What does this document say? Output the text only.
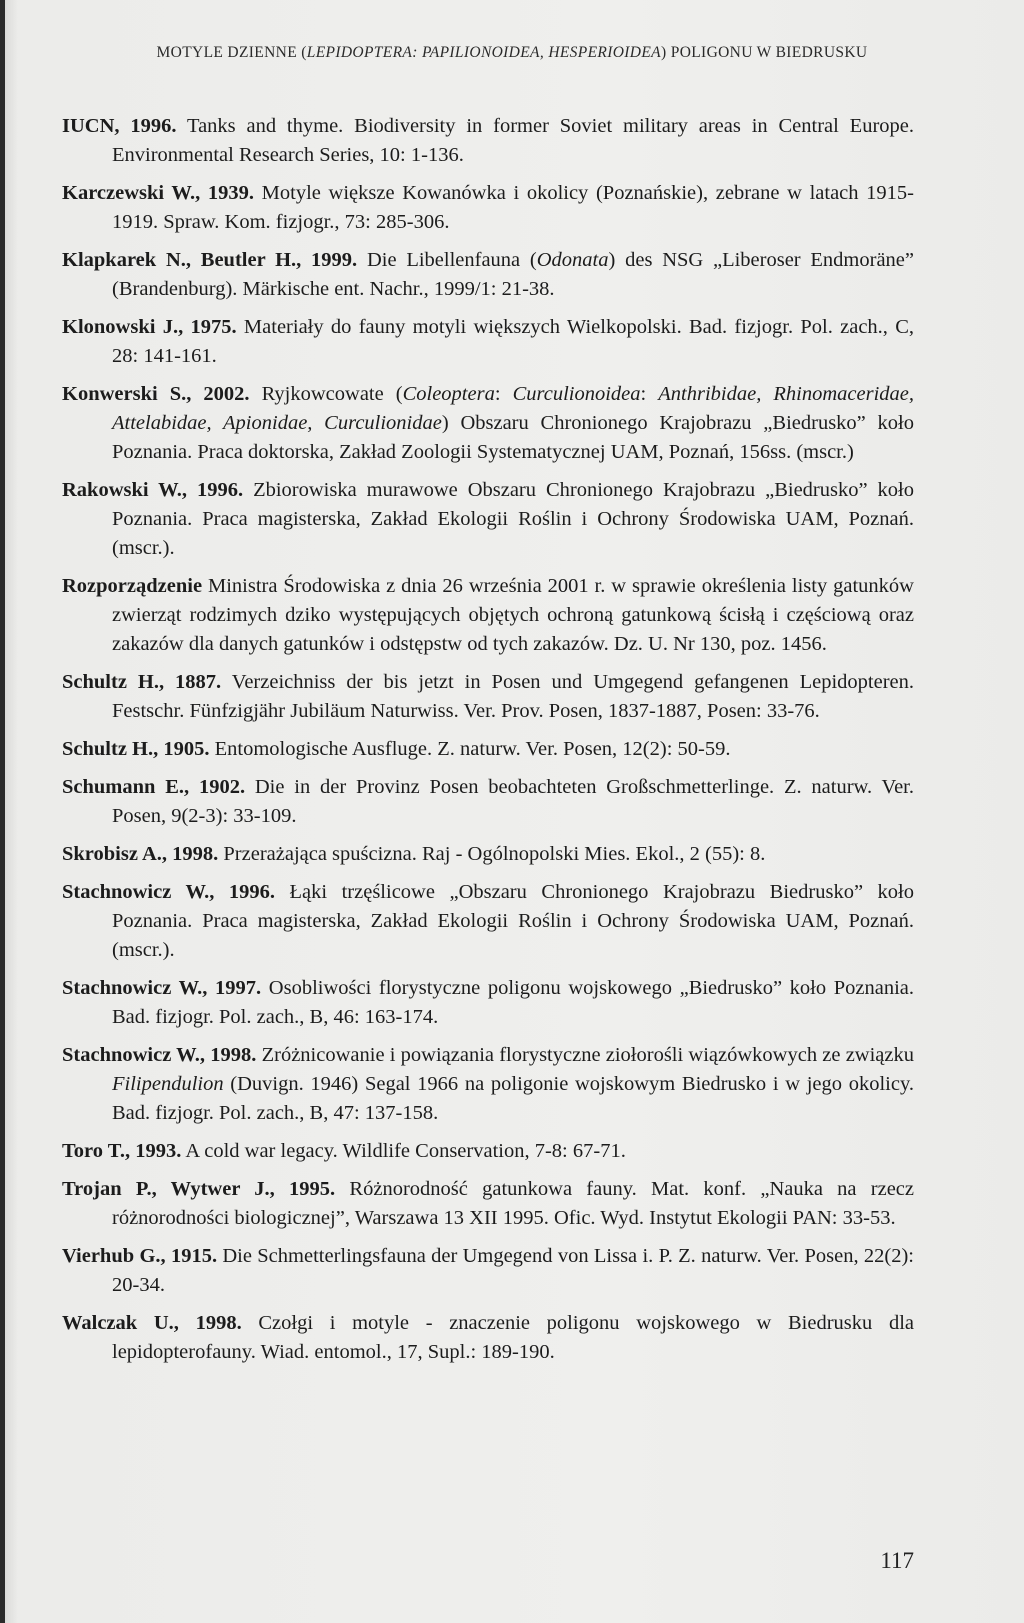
MOTYLE DZIENNE (LEPIDOPTERA: PAPILIONOIDEA, HESPERIOIDEA) POLIGONU W BIEDRUSKU

IUCN, 1996. Tanks and thyme. Biodiversity in former Soviet military areas in Central Europe. Environmental Research Series, 10: 1-136.

Karczewski W., 1939. Motyle większe Kowanówka i okolicy (Poznańskie), zebrane w latach 1915-1919. Spraw. Kom. fizjogr., 73: 285-306.

Klapkarek N., Beutler H., 1999. Die Libellenfauna (Odonata) des NSG „Liberoser Endmoräne” (Brandenburg). Märkische ent. Nachr., 1999/1: 21-38.

Klonowski J., 1975. Materiały do fauny motyli większych Wielkopolski. Bad. fizjogr. Pol. zach., C, 28: 141-161.

Konwerski S., 2002. Ryjkowcowate (Coleoptera: Curculionoidea: Anthribidae, Rhinomaceridae, Attelabidae, Apionidae, Curculionidae) Obszaru Chronionego Krajobrazu „Biedrusko” koło Poznania. Praca doktorska, Zakład Zoologii Systematycznej UAM, Poznań, 156ss. (mscr.)

Rakowski W., 1996. Zbiorowiska murawowe Obszaru Chronionego Krajobrazu „Biedrusko” koło Poznania. Praca magisterska, Zakład Ekologii Roślin i Ochrony Środowiska UAM, Poznań. (mscr.).

Rozporządzenie Ministra Środowiska z dnia 26 września 2001 r. w sprawie określenia listy gatunków zwierząt rodzimych dziko występujących objętych ochroną gatunkową ścisłą i częściową oraz zakazów dla danych gatunków i odstępstw od tych zakazów. Dz. U. Nr 130, poz. 1456.

Schultz H., 1887. Verzeichniss der bis jetzt in Posen und Umgegend gefangenen Lepidopteren. Festschr. Fünfzigjähr Jubiläum Naturwiss. Ver. Prov. Posen, 1837-1887, Posen: 33-76.

Schultz H., 1905. Entomologische Ausfluge. Z. naturw. Ver. Posen, 12(2): 50-59.

Schumann E., 1902. Die in der Provinz Posen beobachteten Großschmetterlinge. Z. naturw. Ver. Posen, 9(2-3): 33-109.

Skrobisz A., 1998. Przerażająca spuścizna. Raj - Ogólnopolski Mies. Ekol., 2 (55): 8.

Stachnowicz W., 1996. Łąki trzęślicowe „Obszaru Chronionego Krajobrazu Biedrusko” koło Poznania. Praca magisterska, Zakład Ekologii Roślin i Ochrony Środowiska UAM, Poznań. (mscr.).

Stachnowicz W., 1997. Osobliwości florystyczne poligonu wojskowego „Biedrusko” koło Poznania. Bad. fizjogr. Pol. zach., B, 46: 163-174.

Stachnowicz W., 1998. Zróżnicowanie i powiązania florystyczne ziołorośli wiązówkowych ze związku Filipendulion (Duvign. 1946) Segal 1966 na poligonie wojskowym Biedrusko i w jego okolicy. Bad. fizjogr. Pol. zach., B, 47: 137-158.

Toro T., 1993. A cold war legacy. Wildlife Conservation, 7-8: 67-71.

Trojan P., Wytwer J., 1995. Różnorodność gatunkowa fauny. Mat. konf. „Nauka na rzecz różnorodności biologicznej”, Warszawa 13 XII 1995. Ofic. Wyd. Instytut Ekologii PAN: 33-53.

Vierhub G., 1915. Die Schmetterlingsfauna der Umgegend von Lissa i. P. Z. naturw. Ver. Posen, 22(2): 20-34.

Walczak U., 1998. Czołgi i motyle - znaczenie poligonu wojskowego w Biedrusku dla lepidopterofauny. Wiad. entomol., 17, Supl.: 189-190.

117
